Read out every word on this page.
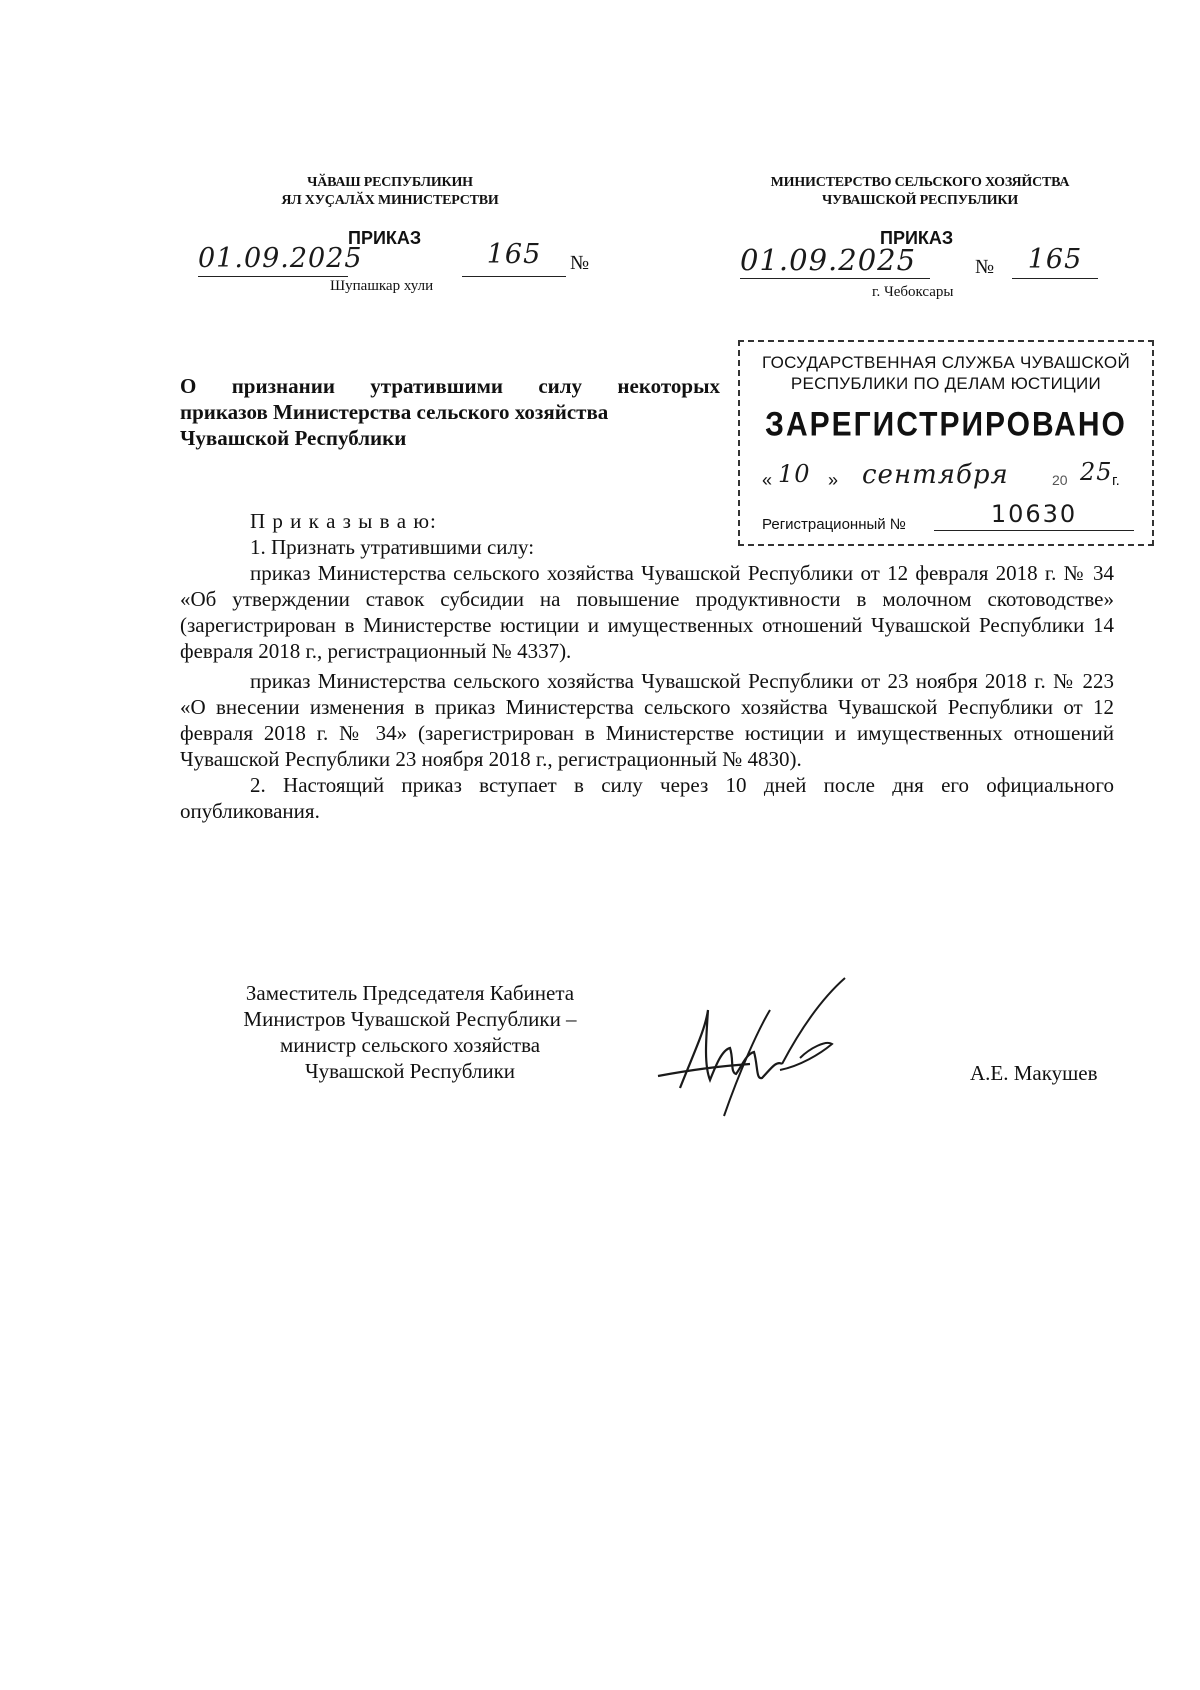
ЧӐВАШ РЕСПУБЛИКИН
ЯЛ ХУҪАЛӐХ МИНИСТЕРСТВИ
ПРИКАЗ
01.09.2025	165	№
Шупашкар хули
МИНИСТЕРСТВО СЕЛЬСКОГО ХОЗЯЙСТВА
ЧУВАШСКОЙ РЕСПУБЛИКИ
ПРИКАЗ
01.09.2025	№	165
г. Чебоксары
ГОСУДАРСТВЕННАЯ СЛУЖБА ЧУВАШСКОЙ
РЕСПУБЛИКИ ПО ДЕЛАМ ЮСТИЦИИ
ЗАРЕГИСТРИРОВАНО
« 10 » сентября	20 25 г.
Регистрационный №	10630
О признании утратившими силу некоторых
приказов Министерства сельского хозяйства
Чувашской Республики

П р и к а з ы в а ю:

1. Признать утратившими силу:

приказ Министерства сельского хозяйства Чувашской Республики от 12 февраля 2018 г. № 34 «Об утверждении ставок субсидии на повышение продуктивности в молочном скотоводстве» (зарегистрирован в Министерстве юстиции и имущественных отношений Чувашской Республики 14 февраля 2018 г., регистрационный № 4337).

приказ Министерства сельского хозяйства Чувашской Республики от 23 ноября 2018 г. № 223 «О внесении изменения в приказ Министерства сельского хозяйства Чувашской Республики от 12 февраля 2018 г. № 34» (зарегистрирован в Министерстве юстиции и имущественных отношений Чувашской Республики 23 ноября 2018 г., регистрационный № 4830).

2. Настоящий приказ вступает в силу через 10 дней после дня его официального опубликования.

Заместитель Председателя Кабинета
Министров Чувашской Республики –
министр сельского хозяйства
Чувашской Республики	А.Е. Макушев
